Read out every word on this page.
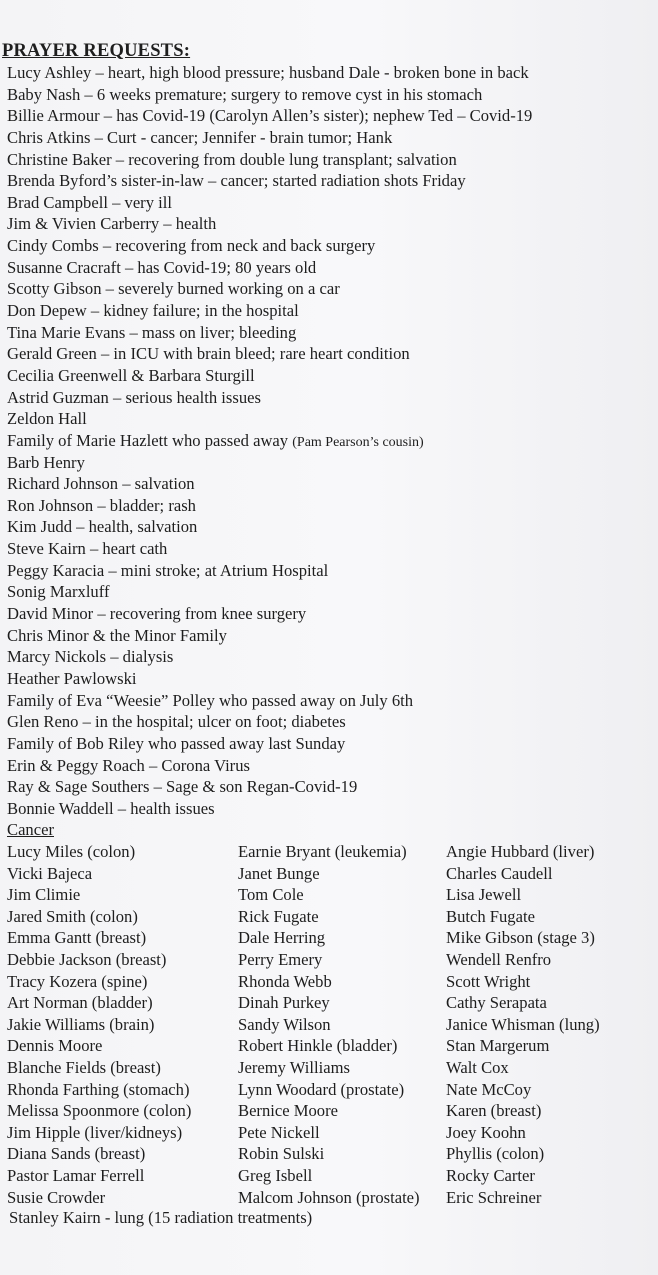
PRAYER REQUESTS:
Lucy Ashley – heart, high blood pressure; husband Dale - broken bone in back
Baby Nash – 6 weeks premature; surgery to remove cyst in his stomach
Billie Armour – has Covid-19 (Carolyn Allen’s sister); nephew Ted – Covid-19
Chris Atkins – Curt - cancer; Jennifer - brain tumor; Hank
Christine Baker – recovering from double lung transplant; salvation
Brenda Byford’s sister-in-law – cancer; started radiation shots Friday
Brad Campbell – very ill
Jim & Vivien Carberry – health
Cindy Combs – recovering from neck and back surgery
Susanne Cracraft – has Covid-19; 80 years old
Scotty Gibson – severely burned working on a car
Don Depew – kidney failure; in the hospital
Tina Marie Evans – mass on liver; bleeding
Gerald Green – in ICU with brain bleed; rare heart condition
Cecilia Greenwell & Barbara Sturgill
Astrid Guzman – serious health issues
Zeldon Hall
Family of Marie Hazlett who passed away (Pam Pearson’s cousin)
Barb Henry
Richard Johnson – salvation
Ron Johnson – bladder; rash
Kim Judd – health, salvation
Steve Kairn – heart cath
Peggy Karacia – mini stroke; at Atrium Hospital
Sonig Marxluff
David Minor – recovering from knee surgery
Chris Minor & the Minor Family
Marcy Nickols – dialysis
Heather Pawlowski
Family of Eva “Weesie” Polley who passed away on July 6th
Glen Reno – in the hospital; ulcer on foot; diabetes
Family of Bob Riley who passed away last Sunday
Erin & Peggy Roach – Corona Virus
Ray & Sage Southers – Sage & son Regan-Covid-19
Bonnie Waddell – health issues
Cancer
Lucy Miles (colon)
Vicki Bajeca
Jim Climie
Jared Smith (colon)
Emma Gantt (breast)
Debbie Jackson (breast)
Tracy Kozera (spine)
Art Norman (bladder)
Jakie Williams (brain)
Dennis Moore
Blanche Fields (breast)
Rhonda Farthing (stomach)
Melissa Spoonmore (colon)
Jim Hipple (liver/kidneys)
Diana Sands (breast)
Pastor Lamar Ferrell
Susie Crowder
Earnie Bryant (leukemia)
Janet Bunge
Tom Cole
Rick Fugate
Dale Herring
Perry Emery
Rhonda Webb
Dinah Purkey
Sandy Wilson
Robert Hinkle (bladder)
Jeremy Williams
Lynn Woodard (prostate)
Bernice Moore
Pete Nickell
Robin Sulski
Greg Isbell
Malcom Johnson (prostate)
Angie Hubbard (liver)
Charles Caudell
Lisa Jewell
Butch Fugate
Mike Gibson (stage 3)
Wendell Renfro
Scott Wright
Cathy Serapata
Janice Whisman (lung)
Stan Margerum
Walt Cox
Nate McCoy
Karen (breast)
Joey Koohn
Phyllis (colon)
Rocky Carter
Eric Schreiner
Stanley Kairn - lung (15 radiation treatments)
